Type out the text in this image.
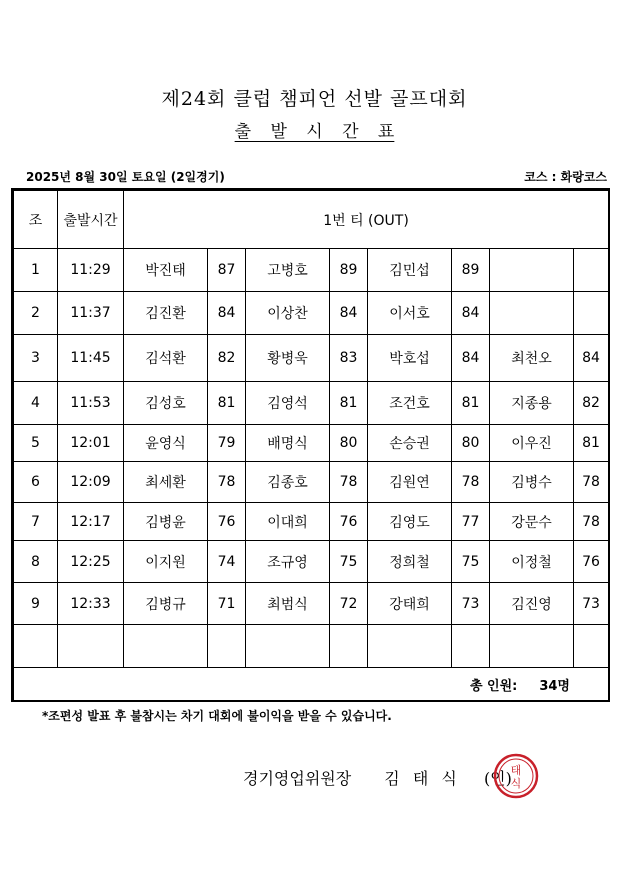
제24회 클럽 챔피언 선발 골프대회
출 발 시 간 표
2025년 8월 30일 토요일 (2일경기)	코스 : 화랑코스
조	출발시간	1번 티 (OUT)							
1	11:29	박진태	87	고병호	89	김민섭	89		
2	11:37	김진환	84	이상찬	84	이서호	84		
3	11:45	김석환	82	황병욱	83	박호섭	84	최천오	84
4	11:53	김성호	81	김영석	81	조건호	81	지종용	82
5	12:01	윤영식	79	배명식	80	손승권	80	이우진	81
6	12:09	최세환	78	김종호	78	김원연	78	김병수	78
7	12:17	김병윤	76	이대희	76	김영도	77	강문수	78
8	12:25	이지원	74	조규영	75	정희철	75	이정철	76
9	12:33	김병규	71	최범식	72	강태희	73	김진영	73

총 인원: 34명									
*조편성 발표 후 불참시는 차기 대회에 불이익을 받을 수 있습니다.
경기영업위원장 김 태 식 (인)
태
식
